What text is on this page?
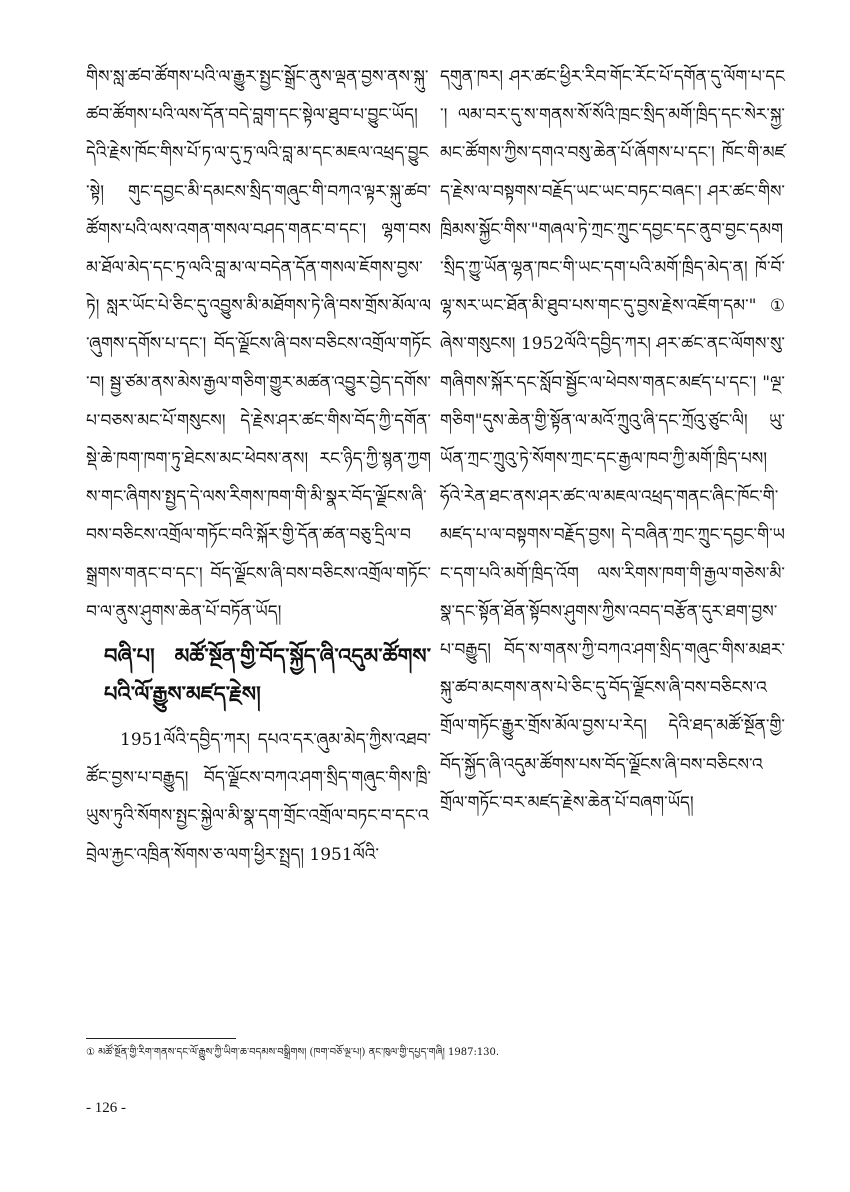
གིས་སླ་ཚབ་ཚོགས་པའི་ལ་རྒྱུར་སྤྱང་སྒྲོང་ནུས་ལྡན་བྱས་ནས་སྐུ་ཚབ་ཚོགས་པའི་ལས་དོན་བདེ་བླག་དང་སྟེལ་ཐུབ་པ་བྱུང་ཡོད། དེའི་རྗེས་ཁོང་གིས་པོ་ཏ་ལ་དུ་ཏྲ་ལའི་བླ་མ་དང་མཇལ་འཕྲད་བྱུང་སྟེ། གུང་དབྱང་མི་དམངས་སྲིད་གཞུང་གི་བཀའ་ལྟར་སྐུ་ཚབ་ཚོགས་པའི་ལས་འགན་གསལ་བཤད་གནང་བ་དང་། ལྷག་བསམ་ཐོལ་མེད་དང་ཏྲ་ལའི་བླ་མ་ལ་བདེན་དོན་གསལ་ཇོགས་བྱས་ཏེ། སླར་ཡོང་པེ་ཅིང་དུ་འབྱུས་མི་མཐོགས་ཏེ་ཞི་བས་གྲོས་མོལ་ལ་ཞུགས་དགོས་པ་དང་། བོད་ལྗོངས་ཞི་བས་བཅིངས་འགྲོལ་གཏོང་བ། སྦྱ་ཙམ་ནས་མེས་རྒྱལ་གཅིག་གྱུར་མཚན་འབྱུར་བྱེད་དགོས་པ་བཅས་མང་པོ་གསུངས། དེ་རྗེས་ཤར་ཚང་གིས་བོད་ཀྱི་དགོན་སྡེ་ཆེ་ཁག་ཁག་ཏུ་ཐེངས་མང་ཕེབས་ནས། རང་ཉིད་ཀྱི་སྙན་ཀྱགས་གང་ཞིགས་སྤྱད་དེ་ལས་རིགས་ཁག་གི་མི་སྣར་བོད་ལྗོངས་ཞི་བས་བཅིངས་འགྲོལ་གཏོང་བའི་སྐོར་གྱི་དོན་ཚན་བཅུ་དྲིལ་བསྒྲགས་གནང་བ་དང་། བོད་ལྗོངས་ཞི་བས་བཅིངས་འགྲོལ་གཏོང་བ་ལ་ནུས་ཤུགས་ཆེན་པོ་བཏོན་ཡོད།

བཞི་པ། མཚོ་སྔོན་གྱི་བོད་སྐྱོད་ཞི་འདུམ་ཚོགས་པའི་ལོ་རྒྱུས་མཛད་རྗེས།

1951ལོའི་དབྱིད་ཀར། དཔའ་དར་ཞུམ་མེད་ཀྱིས་འཐབ་ཚོང་བྱས་པ་བརྒྱུད། བོད་ལྗོངས་བཀའ་ཤག་སྲིད་གཞུང་གིས་ཁྲི་ཡུས་ཏུའི་སོགས་སྤྱང་སྐྱེལ་མི་སྣ་དག་གྲོང་འགྲོལ་བཏང་བ་དང་འབྲེལ་རྐྱང་འཁྲིན་སོགས་ཅ་ལག་ཕྱིར་སྤྲད། 1951ལོའི་

དགུན་ཁར། ཤར་ཚང་ཕྱིར་རིབ་གོང་རོང་པོ་དགོན་དུ་ལོག་པ་དང་། ལམ་བར་དུ་ས་གནས་སོ་སོའི་ཁྲང་སྲིད་མགོ་ཁྲིད་དང་སེར་སྐྱ་མང་ཚོགས་ཀྱིས་དགའ་བསུ་ཆེན་པོ་ཞོགས་པ་དང་། ཁོང་གི་མཛད་རྗེས་ལ་བསྟགས་བརྗོད་ཡང་ཡང་བཏང་བཞང་། ཤར་ཚང་གིས་ཁྲིམས་སྐྱོང་གིས་"གཞལ་ཏེ་ཀྲང་ཀྲུང་དབྱང་དང་ནུབ་བྱང་དམག་སྲིད་ཀྱུ་ཡོན་ལྷན་ཁང་གི་ཡང་དག་པའི་མགོ་ཁྲིད་མེད་ན། ཁོ་བོ་ལྷ་སར་ཡང་ཐོན་མི་ཐུབ་པས་གང་དུ་བྱས་རྗེས་འཇོག་དམ་"①ཞེས་གསུངས། 1952ལོའི་དབྱིད་ཀར། ཤར་ཚང་ནང་ལོགས་སུ་གཞིགས་སྐོར་དང་སློབ་སྦྱོང་ལ་ཕེབས་གནང་མཛད་པ་དང་། "ལྔ་གཅིག"དུས་ཆེན་གྱི་སྟོན་ལ་མའོ་ཀྲུའུ་ཞི་དང་ཀྲོའུ་ཙུང་ལི། ཡུ་ཡོན་ཀྲང་ཀྲུའུ་ཏེ་སོགས་ཀྲང་དང་རྒྱལ་ཁབ་ཀྱི་མགོ་ཁྲིད་པས། ཧོའེ་རེན་ཐང་ནས་ཤར་ཚང་ལ་མཇལ་འཕྲད་གནང་ཞིང་ཁོང་གི་མཛད་པ་ལ་བསྟགས་བརྗོད་བྱས། དེ་བཞིན་ཀྲང་ཀྲུང་དབྱང་གི་ཡང་དག་པའི་མགོ་ཁྲིད་འོག ལས་རིགས་ཁག་གི་རྒྱལ་གཅེས་མི་སྣ་དང་སྟོན་ཐོན་སྟོབས་ཤུགས་ཀྱིས་འབད་བརྩོན་དུར་ཐག་བྱས་པ་བརྒྱུད། བོད་ས་གནས་ཀྱི་བཀའ་ཤག་སྲིད་གཞུང་གིས་མཐར་སྐུ་ཚབ་མངགས་ནས་པེ་ཅིང་དུ་བོད་ལྗོངས་ཞི་བས་བཅིངས་འགྲོལ་གཏོང་རྒྱུར་གྲོས་མོལ་བྱས་པ་རེད། དེའི་ཐད་མཚོ་སྔོན་གྱི་བོད་སྐྱོད་ཞི་འདུམ་ཚོགས་པས་བོད་ལྗོངས་ཞི་བས་བཅིངས་འགྲོལ་གཏོང་བར་མཛད་རྗེས་ཆེན་པོ་བཞག་ཡོད།

① མཚོ་སྔོན་གྱི་རིག་གནས་དང་ལོ་རྒྱུས་ཀྱི་ཡིག་ཆ་བདམས་བསྒྲིགས། (ཁག་བཅོ་ལྔ་པ།) ནང་ཁུལ་གྱི་དཔྱད་གཞི། 1987:130.
- 126 -
